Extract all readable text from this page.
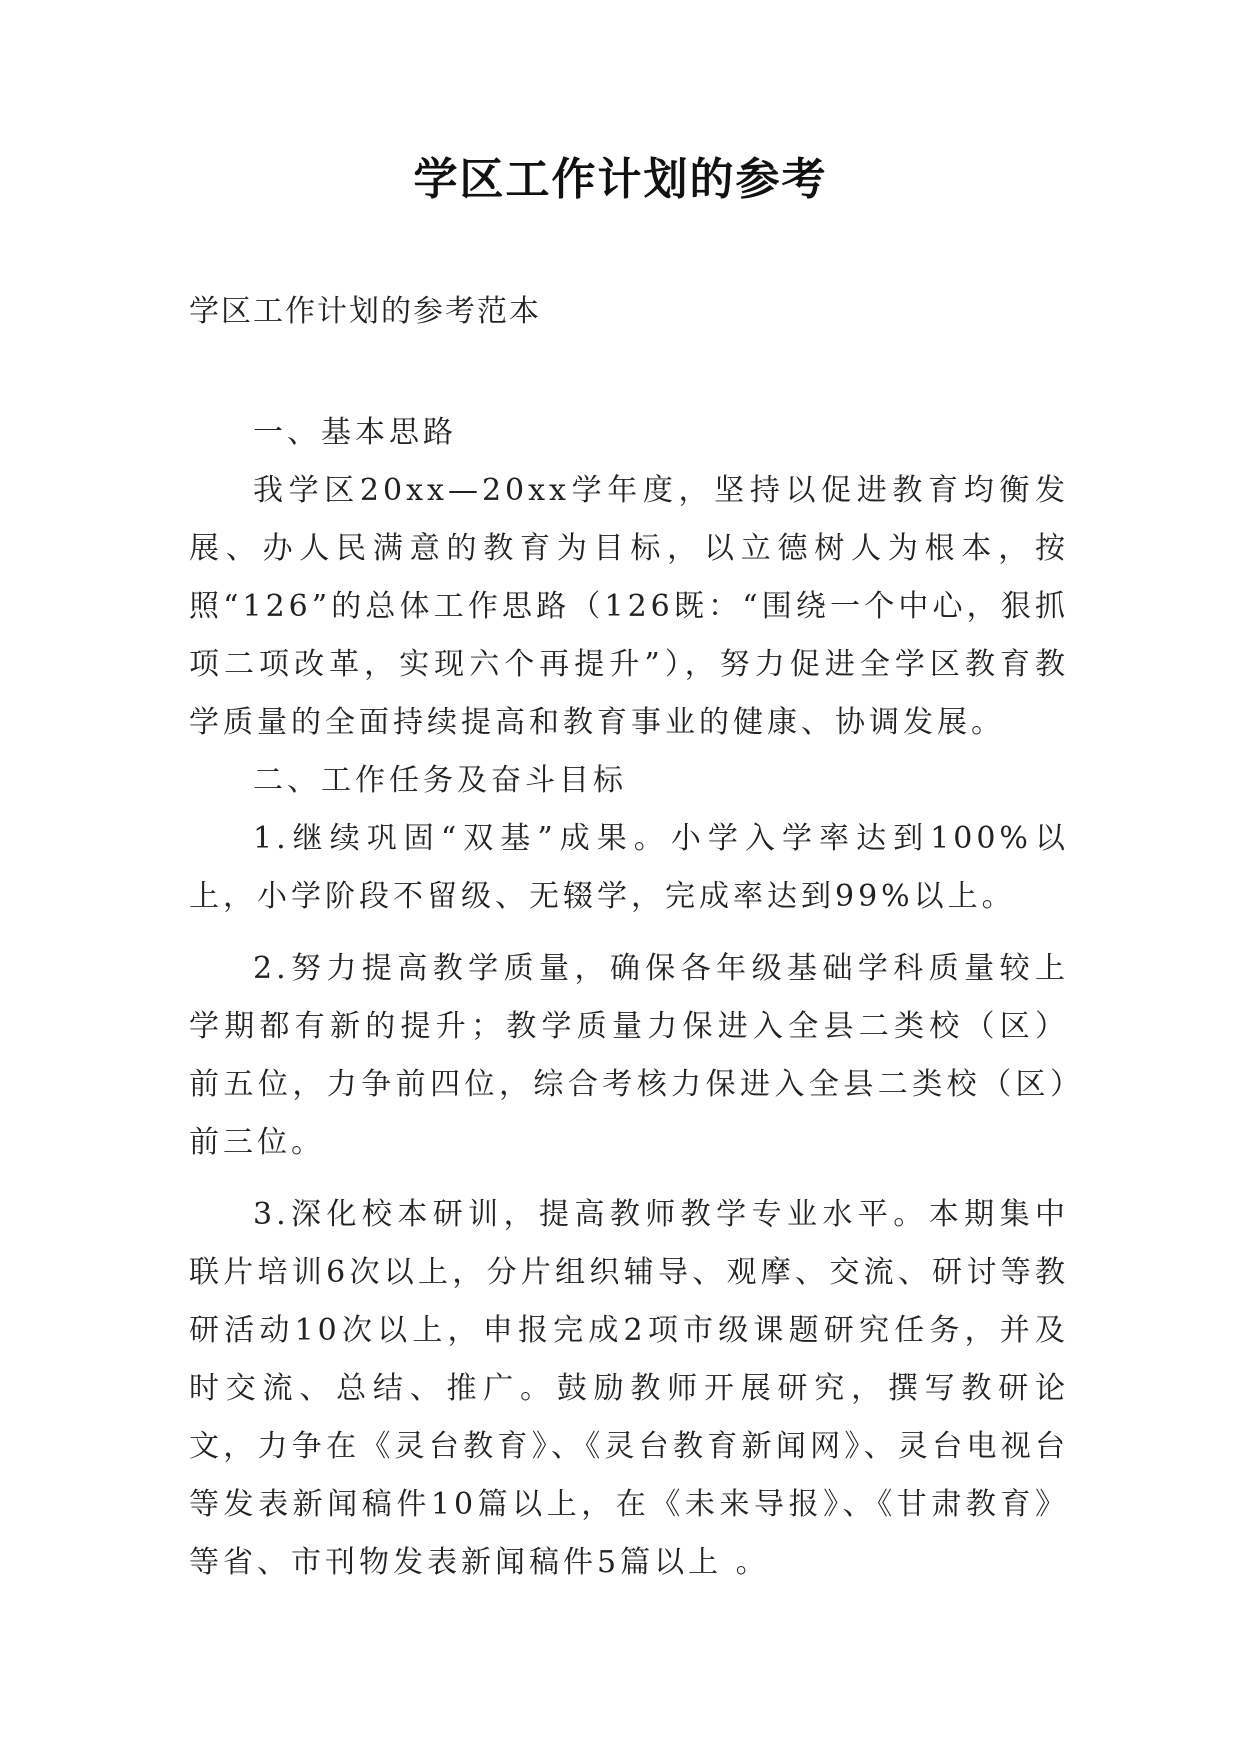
学区工作计划的参考
学区工作计划的参考范本

一、基本思路

我学区20xx—20xx学年度，坚持以促进教育均衡发展、办人民满意的教育为目标，以立德树人为根本，按照“126”的总体工作思路（126既：“围绕一个中心，狠抓项二项改革，实现六个再提升”），努力促进全学区教育教学质量的全面持续提高和教育事业的健康、协调发展。

二、工作任务及奋斗目标

1.继续巩固“双基”成果。小学入学率达到100%以上，小学阶段不留级、无辍学，完成率达到99%以上。

2.努力提高教学质量，确保各年级基础学科质量较上学期都有新的提升；教学质量力保进入全县二类校（区）前五位，力争前四位，综合考核力保进入全县二类校（区）前三位。

3.深化校本研训，提高教师教学专业水平。本期集中联片培训6次以上，分片组织辅导、观摩、交流、研讨等教研活动10次以上，申报完成2项市级课题研究任务，并及时交流、总结、推广。鼓励教师开展研究，撰写教研论文，力争在《灵台教育》、《灵台教育新闻网》、灵台电视台等发表新闻稿件10篇以上，在《未来导报》、《甘肃教育》等省、市刊物发表新闻稿件5篇以上 。
